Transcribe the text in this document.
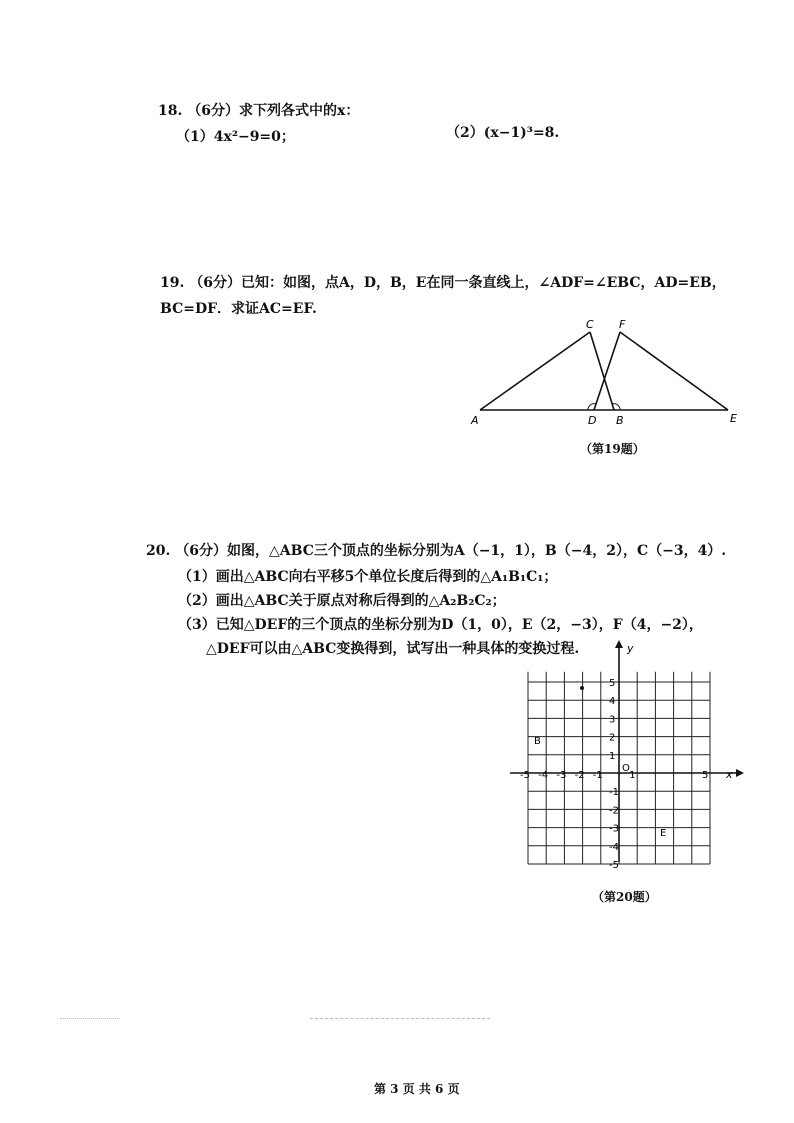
18. （6分）求下列各式中的x：
（1）4x²−9=0；	（2）(x−1)³=8.
19. （6分）已知：如图，点A，D，B，E在同一条直线上，∠ADF=∠EBC，AD=EB，
BC=DF．求证AC=EF.
C F
A	D B	E
（第19题）
20. （6分）如图，△ABC三个顶点的坐标分别为A（−1，1），B（−4，2），C（−3，4）.
（1）画出△ABC向右平移5个单位长度后得到的△A₁B₁C₁；
（2）画出△ABC关于原点对称后得到的△A₂B₂C₂；
（3）已知△DEF的三个顶点的坐标分别为D（1，0），E（2，−3），F（4，−2），
△DEF可以由△ABC变换得到，试写出一种具体的变换过程.
x
y
O
-5 -4 -3 -2 -1	1	5
5
4
3
2
1
-1
-2
-3
-4
-5
B
E
（第20题）
第 3 页 共 6 页
